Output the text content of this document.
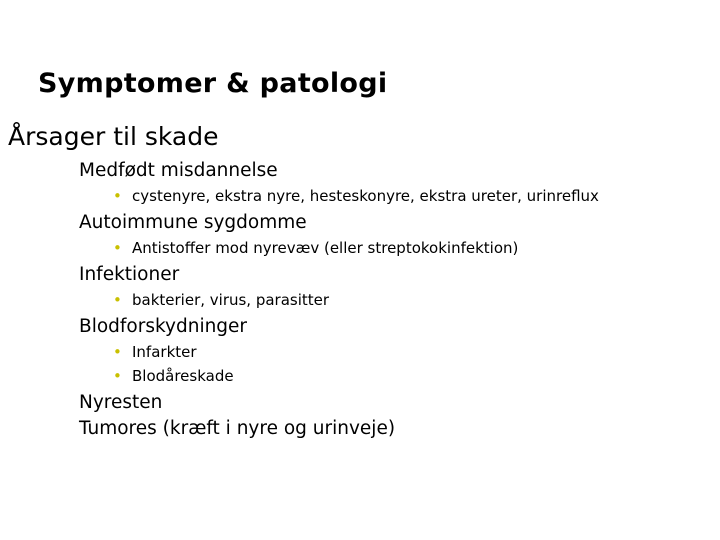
Symptomer & patologi
Årsager til skade
Medfødt misdannelse
• cystenyre, ekstra nyre, hesteskonyre, ekstra ureter, urinreflux
Autoimmune sygdomme
• Antistoffer mod nyrevæv (eller streptokokinfektion)
Infektioner
• bakterier, virus, parasitter
Blodforskydninger
• Infarkter
• Blodåreskade
Nyresten
Tumores (kræft i nyre og urinveje)
